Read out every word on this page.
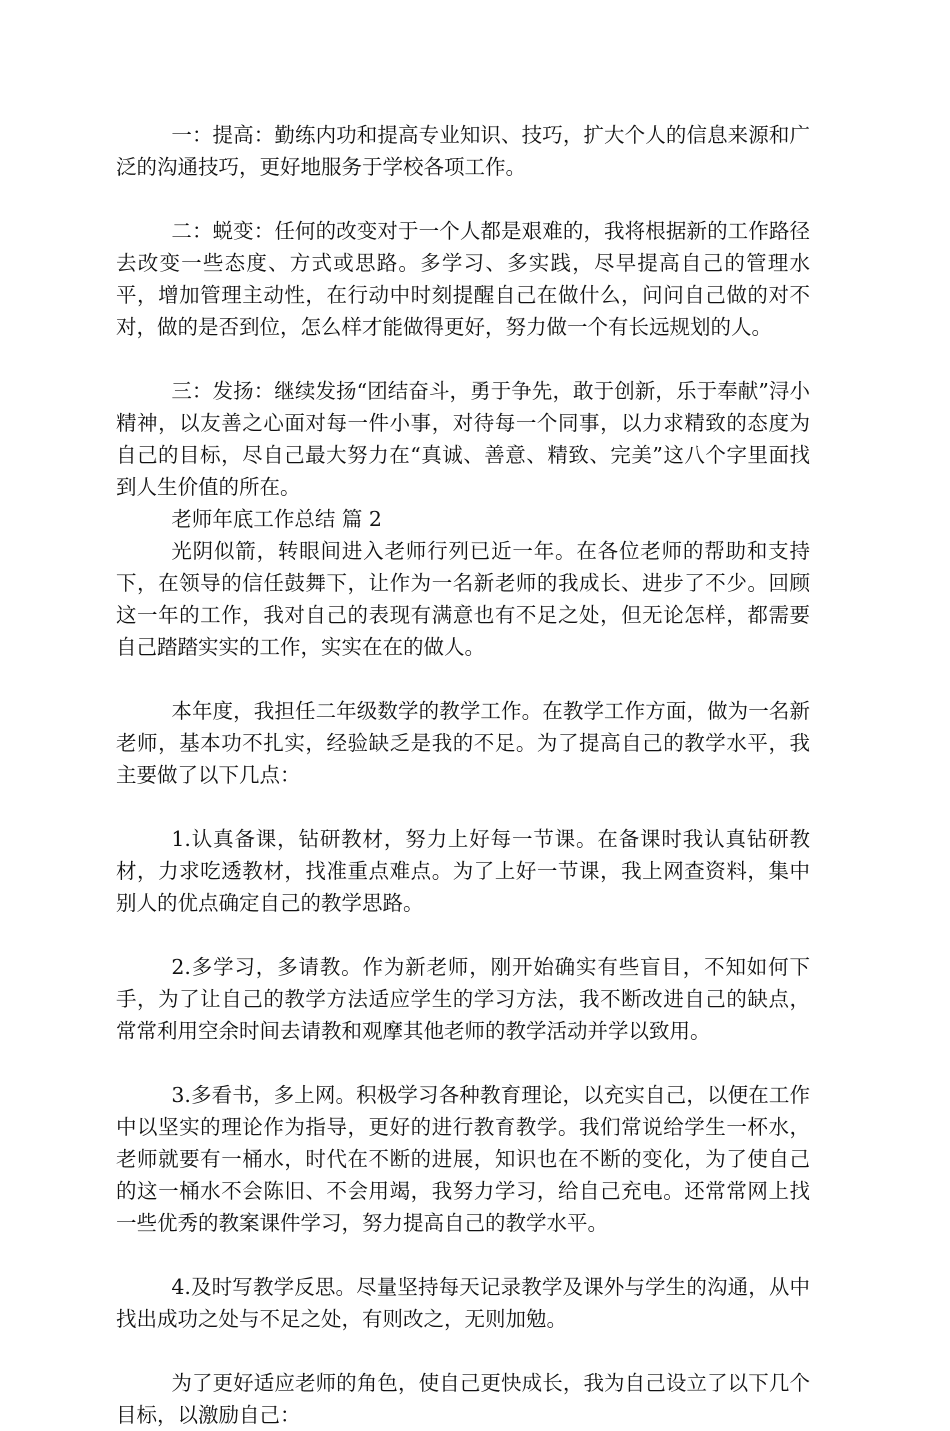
一：提高：勤练内功和提高专业知识、技巧，扩大个人的信息来源和广泛的沟通技巧，更好地服务于学校各项工作。

二：蜕变：任何的改变对于一个人都是艰难的，我将根据新的工作路径去改变一些态度、方式或思路。多学习、多实践，尽早提高自己的管理水平，增加管理主动性，在行动中时刻提醒自己在做什么，问问自己做的对不对，做的是否到位，怎么样才能做得更好，努力做一个有长远规划的人。

三：发扬：继续发扬“团结奋斗，勇于争先，敢于创新，乐于奉献”浔小精神，以友善之心面对每一件小事，对待每一个同事，以力求精致的态度为自己的目标，尽自己最大努力在“真诚、善意、精致、完美”这八个字里面找到人生价值的所在。

老师年底工作总结 篇 2

光阴似箭，转眼间进入老师行列已近一年。在各位老师的帮助和支持下，在领导的信任鼓舞下，让作为一名新老师的我成长、进步了不少。回顾这一年的工作，我对自己的表现有满意也有不足之处，但无论怎样，都需要自己踏踏实实的工作，实实在在的做人。

本年度，我担任二年级数学的教学工作。在教学工作方面，做为一名新老师，基本功不扎实，经验缺乏是我的不足。为了提高自己的教学水平，我主要做了以下几点：

1.认真备课，钻研教材，努力上好每一节课。在备课时我认真钻研教材，力求吃透教材，找准重点难点。为了上好一节课，我上网查资料，集中别人的优点确定自己的教学思路。

2.多学习，多请教。作为新老师，刚开始确实有些盲目，不知如何下手，为了让自己的教学方法适应学生的学习方法，我不断改进自己的缺点，常常利用空余时间去请教和观摩其他老师的教学活动并学以致用。

3.多看书，多上网。积极学习各种教育理论，以充实自己，以便在工作中以坚实的理论作为指导，更好的进行教育教学。我们常说给学生一杯水，老师就要有一桶水，时代在不断的进展，知识也在不断的变化，为了使自己的这一桶水不会陈旧、不会用竭，我努力学习，给自己充电。还常常网上找一些优秀的教案课件学习，努力提高自己的教学水平。

4.及时写教学反思。尽量坚持每天记录教学及课外与学生的沟通，从中找出成功之处与不足之处，有则改之，无则加勉。

为了更好适应老师的角色，使自己更快成长，我为自己设立了以下几个目标，以激励自己：
